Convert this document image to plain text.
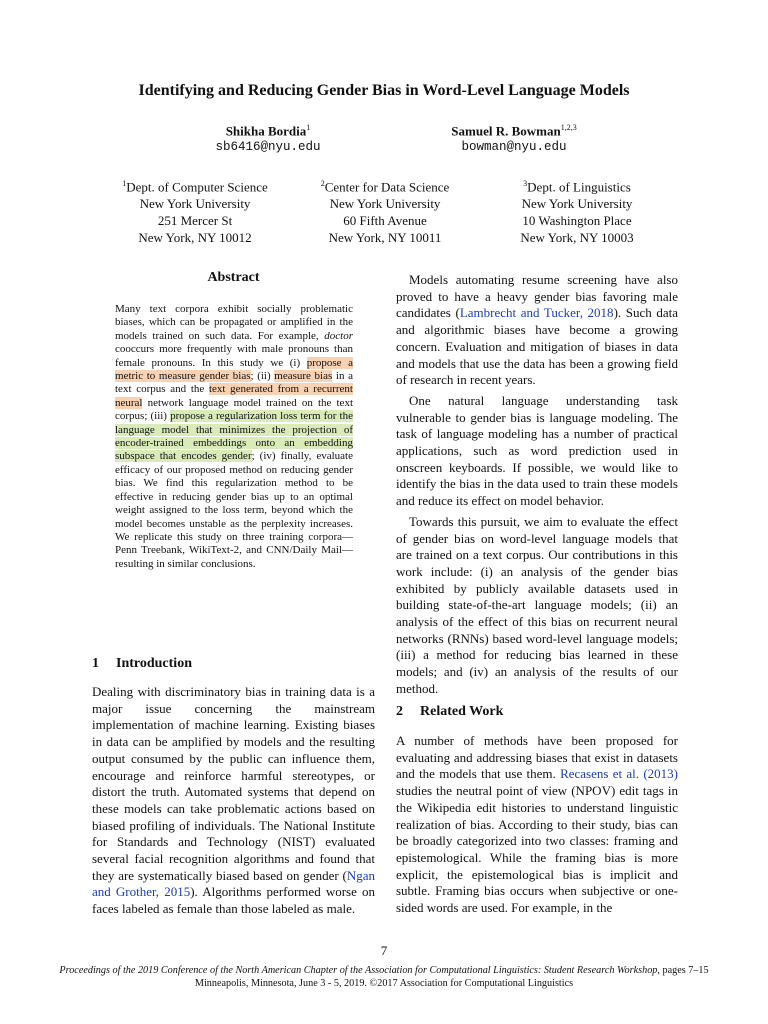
Identifying and Reducing Gender Bias in Word-Level Language Models
Shikha Bordia$^1$
sb6416@nyu.edu
Samuel R. Bowman$^{1,2,3}$
bowman@nyu.edu
$^1$Dept. of Computer Science
New York University
251 Mercer St
New York, NY 10012
$^2$Center for Data Science
New York University
60 Fifth Avenue
New York, NY 10011
$^3$Dept. of Linguistics
New York University
10 Washington Place
New York, NY 10003
Abstract
Many text corpora exhibit socially problematic biases, which can be propagated or amplified in the models trained on such data. For example, doctor cooccurs more frequently with male pronouns than female pronouns. In this study we (i) propose a metric to measure gender bias; (ii) measure bias in a text corpus and the text generated from a recurrent neural network language model trained on the text corpus; (iii) propose a regularization loss term for the language model that minimizes the projection of encoder-trained embeddings onto an embedding subspace that encodes gender; (iv) finally, evaluate efficacy of our proposed method on reducing gender bias. We find this regularization method to be effective in reducing gender bias up to an optimal weight assigned to the loss term, beyond which the model becomes unstable as the perplexity increases. We replicate this study on three training corpora—Penn Treebank, WikiText-2, and CNN/Daily Mail—resulting in similar conclusions.
1 Introduction

Dealing with discriminatory bias in training data is a major issue concerning the mainstream implementation of machine learning. Existing biases in data can be amplified by models and the resulting output consumed by the public can influence them, encourage and reinforce harmful stereotypes, or distort the truth. Automated systems that depend on these models can take problematic actions based on biased profiling of individuals. The National Institute for Standards and Technology (NIST) evaluated several facial recognition algorithms and found that they are systematically biased based on gender (Ngan and Grother, 2015). Algorithms performed worse on faces labeled as female than those labeled as male.

Models automating resume screening have also proved to have a heavy gender bias favoring male candidates (Lambrecht and Tucker, 2018). Such data and algorithmic biases have become a growing concern. Evaluation and mitigation of biases in data and models that use the data has been a growing field of research in recent years.

One natural language understanding task vulnerable to gender bias is language modeling. The task of language modeling has a number of practical applications, such as word prediction used in onscreen keyboards. If possible, we would like to identify the bias in the data used to train these models and reduce its effect on model behavior.

Towards this pursuit, we aim to evaluate the effect of gender bias on word-level language models that are trained on a text corpus. Our contributions in this work include: (i) an analysis of the gender bias exhibited by publicly available datasets used in building state-of-the-art language models; (ii) an analysis of the effect of this bias on recurrent neural networks (RNNs) based word-level language models; (iii) a method for reducing bias learned in these models; and (iv) an analysis of the results of our method.

2 Related Work

A number of methods have been proposed for evaluating and addressing biases that exist in datasets and the models that use them. Recasens et al. (2013) studies the neutral point of view (NPOV) edit tags in the Wikipedia edit histories to understand linguistic realization of bias. According to their study, bias can be broadly categorized into two classes: framing and epistemological. While the framing bias is more explicit, the epistemological bias is implicit and subtle. Framing bias occurs when subjective or one-sided words are used. For example, in the

7
Proceedings of the 2019 Conference of the North American Chapter of the Association for Computational Linguistics: Student Research Workshop, pages 7–15
Minneapolis, Minnesota, June 3 - 5, 2019. ©2017 Association for Computational Linguistics
